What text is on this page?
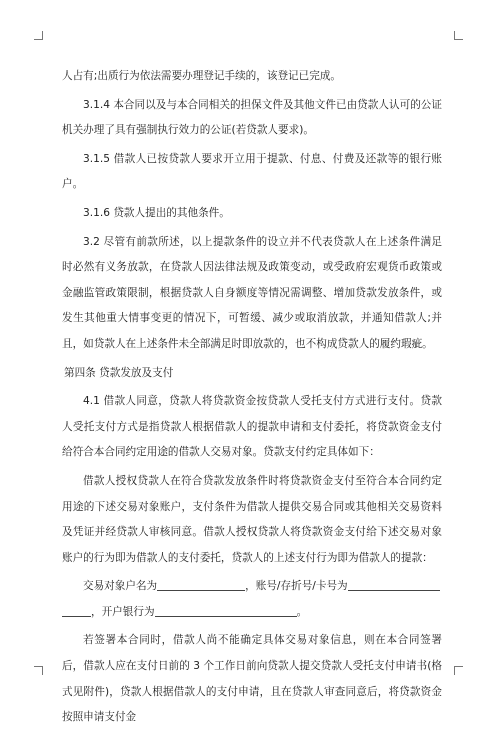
人占有;出质行为依法需要办理登记手续的，该登记已完成。

3.1.4 本合同以及与本合同相关的担保文件及其他文件已由贷款人认可的公证机关办理了具有强制执行效力的公证(若贷款人要求)。

3.1.5 借款人已按贷款人要求开立用于提款、付息、付费及还款等的银行账户。

3.1.6 贷款人提出的其他条件。

3.2 尽管有前款所述，以上提款条件的设立并不代表贷款人在上述条件满足时必然有义务放款，在贷款人因法律法规及政策变动，或受政府宏观货币政策或金融监管政策限制，根据贷款人自身额度等情况需调整、增加贷款发放条件，或发生其他重大情事变更的情况下，可暂缓、减少或取消放款，并通知借款人;并且，如贷款人在上述条件未全部满足时即放款的，也不构成贷款人的履约瑕疵。

第四条 贷款发放及支付

4.1 借款人同意，贷款人将贷款资金按贷款人受托支付方式进行支付。贷款人受托支付方式是指贷款人根据借款人的提款申请和支付委托，将贷款资金支付给符合本合同约定用途的借款人交易对象。贷款支付约定具体如下：

借款人授权贷款人在符合贷款发放条件时将贷款资金支付至符合本合同约定用途的下述交易对象账户，支付条件为借款人提供交易合同或其他相关交易资料及凭证并经贷款人审核同意。借款人授权贷款人将贷款资金支付给下述交易对象账户的行为即为借款人的支付委托，贷款人的上述支付行为即为借款人的提款：

交易对象户名为	，账号/存折号/卡号为

，开户银行为	。

若签署本合同时，借款人尚不能确定具体交易对象信息，则在本合同签署后，借款人应在支付日前的 3 个工作日前向贷款人提交贷款人受托支付申请书(格式见附件)，贷款人根据借款人的支付申请，且在贷款人审查同意后，将贷款资金按照申请支付金
